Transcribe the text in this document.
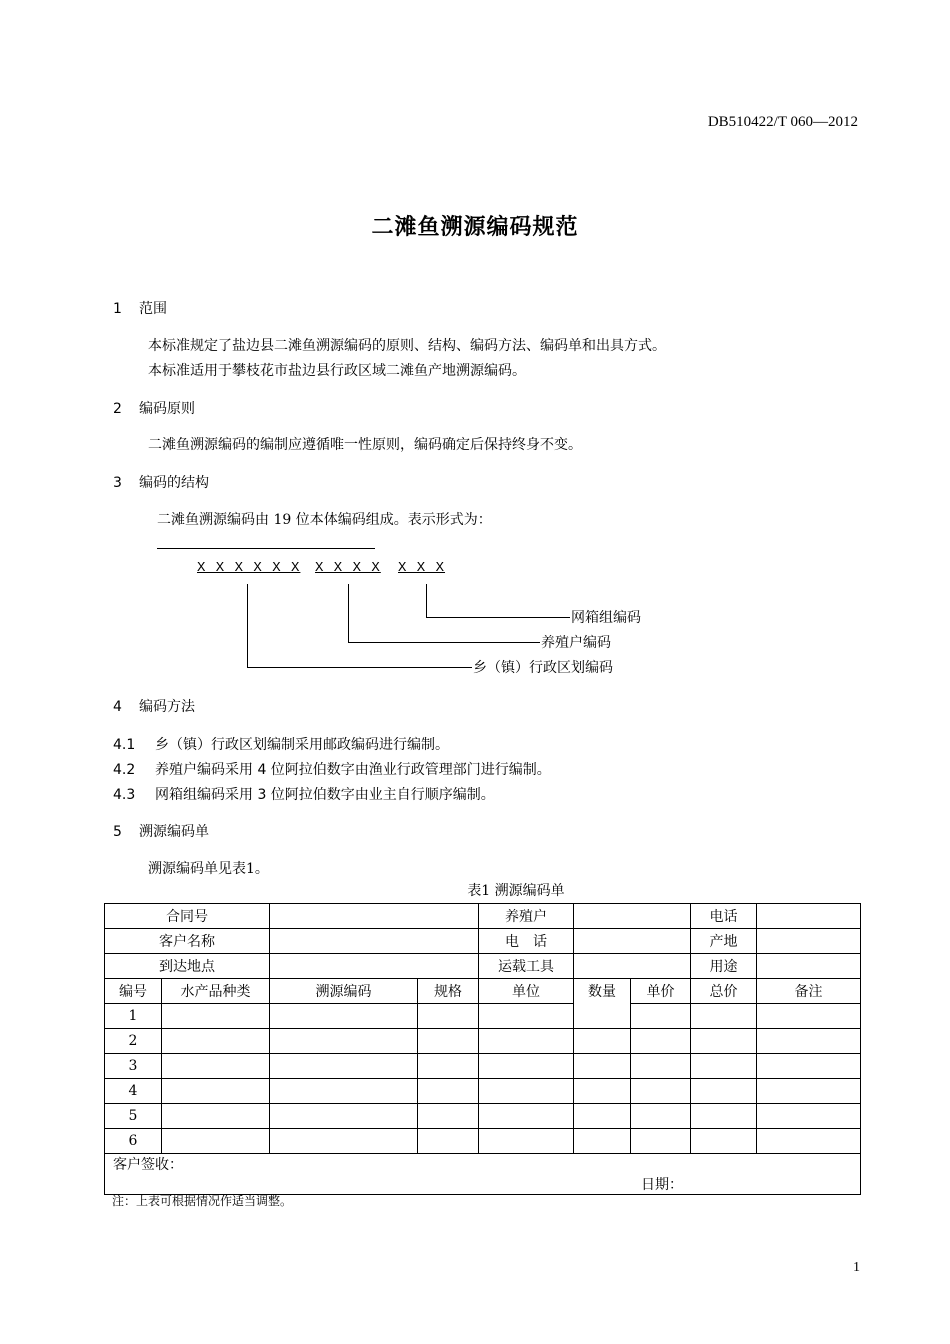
DB510422/T 060—2012
二滩鱼溯源编码规范
1 范围
本标准规定了盐边县二滩鱼溯源编码的原则、结构、编码方法、编码单和出具方式。
本标准适用于攀枝花市盐边县行政区域二滩鱼产地溯源编码。
2 编码原则
二滩鱼溯源编码的编制应遵循唯一性原则，编码确定后保持终身不变。
3 编码的结构
二滩鱼溯源编码由 19 位本体编码组成。表示形式为：
X X X X X X X X X X X X X
网箱组编码
养殖户编码
乡（镇）行政区划编码
4 编码方法
4.1 乡（镇）行政区划编制采用邮政编码进行编制。
4.2 养殖户编码采用 4 位阿拉伯数字由渔业行政管理部门进行编制。
4.3 网箱组编码采用 3 位阿拉伯数字由业主自行顺序编制。
5 溯源编码单
溯源编码单见表1。
表1 溯源编码单
合同号				养殖户			电话	
客户名称				电　话			产地	
到达地点				运载工具			用途	
编号	水产品种类	溯源编码	规格	单位	数量	单价	总价	备注
1								
2								
3								
4								
5								
6								

客户签收：
日期：								
注：上表可根据情况作适当调整。
1
